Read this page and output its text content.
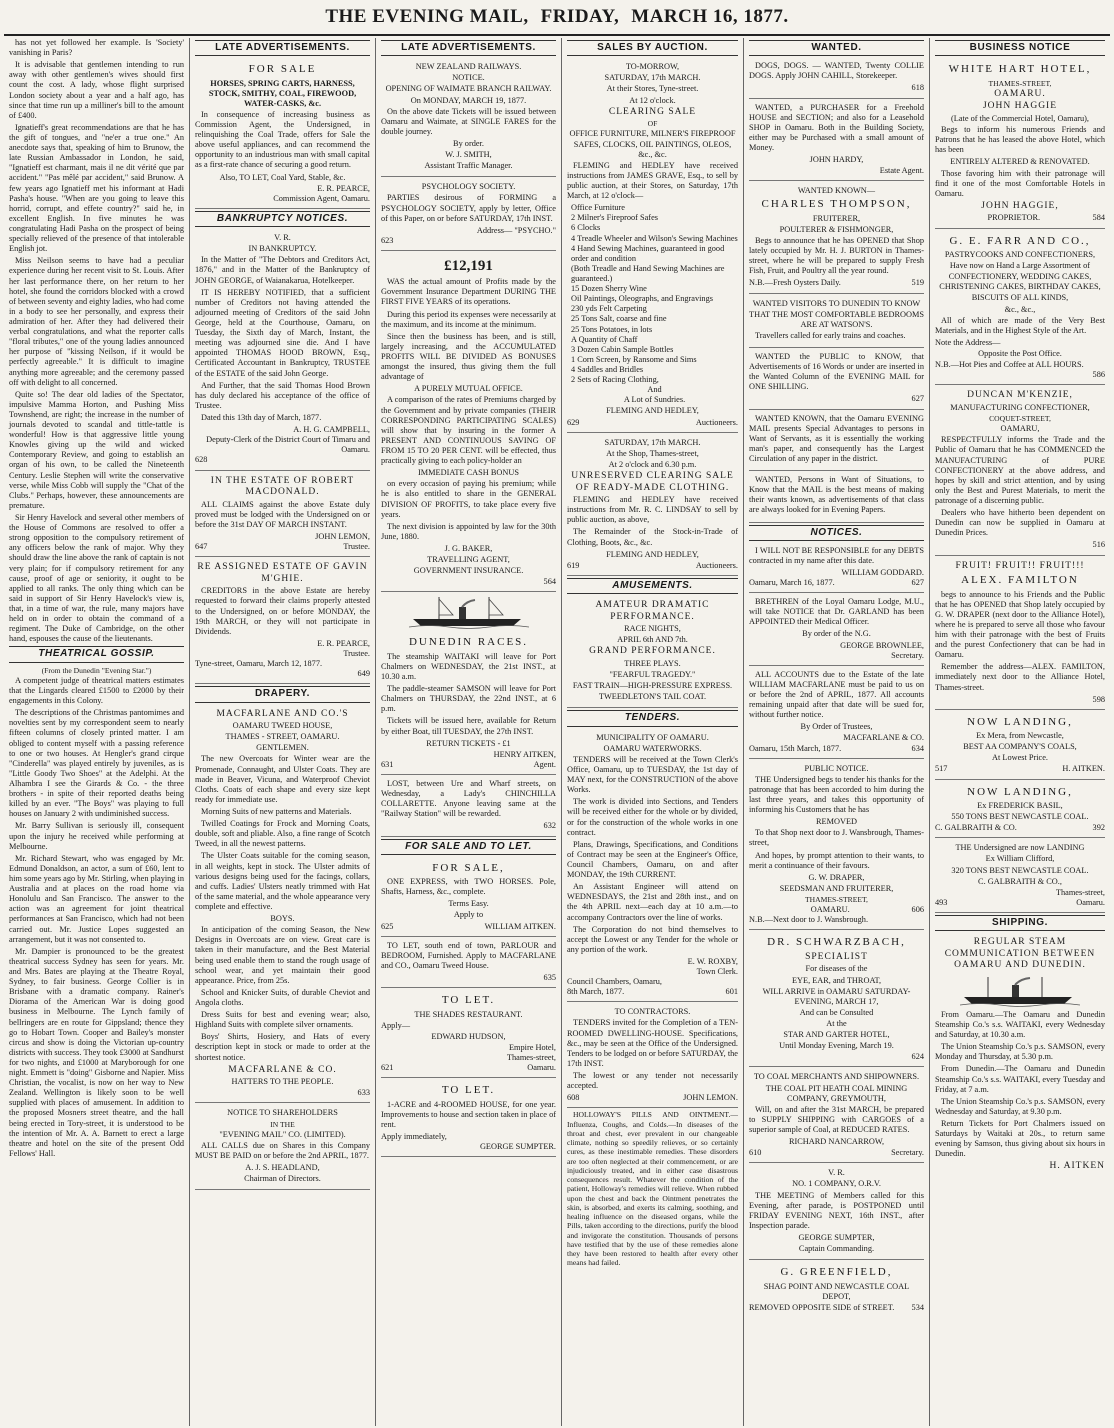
THE EVENING MAIL, FRIDAY, MARCH 16, 1877.

has not yet followed her example. Is 'Society' vanishing in Paris?

It is advisable that gentlemen intending to run away with other gentlemen's wives should first count the cost. A lady, whose flight surprised London society about a year and a half ago, has since that time run up a milliner's bill to the amount of £400.

Ignatieff's great recommendations are that he has the gift of tongues, and "ne'er a true one." An anecdote says that, speaking of him to Brunow, the late Russian Ambassador in London, he said, "Ignatieff est charmant, mais il ne dit vérité que par accident." "Pas mêlé par accident," said Brunow. A few years ago Ignatieff met his informant at Hadi Pasha's house. "When are you going to leave this horrid, corrupt, and effete country?" said he, in excellent English. In five minutes he was congratulating Hadi Pasha on the prospect of being specially relieved of the presence of that intolerable English jot.

Miss Neilson seems to have had a peculiar experience during her recent visit to St. Louis. After her last performance there, on her return to her hotel, she found the corridors blocked with a crowd of between seventy and eighty ladies, who had come in a body to see her personally, and express their admiration of her. After they had delivered their verbal congratulations, and what the reporter calls "floral tributes," one of the young ladies announced her purpose of "kissing Neilson, if it would be perfectly agreeable." It is difficult to imagine anything more agreeable; and the ceremony passed off with delight to all concerned.

Quite so! The dear old ladies of the Spectator, impulsive Mamma Horton, and Pushing Miss Townshend, are right; the increase in the number of journals devoted to scandal and tittle-tattle is wonderful! How is that aggressive little young Knowles giving up the wild and wicked Contemporary Review, and going to establish an organ of his own, to be called the Nineteenth Century. Leslie Stephen will write the conservative verse, while Miss Cobb will supply the "Chat of the Clubs." Perhaps, however, these announcements are premature.

Sir Henry Havelock and several other members of the House of Commons are resolved to offer a strong opposition to the compulsory retirement of any officers below the rank of major. Why they should draw the line above the rank of captain is not very plain; for if compulsory retirement for any cause, proof of age or seniority, it ought to be applied to all ranks. The only thing which can be said in support of Sir Henry Havelock's view is, that, in a time of war, the rule, many majors have held on in order to obtain the command of a regiment. The Duke of Cambridge, on the other hand, espouses the cause of the lieutenants.

THEATRICAL GOSSIP.
(From the Dunedin "Evening Star.")

A competent judge of theatrical matters estimates that the Lingards cleared £1500 to £2000 by their engagements in this Colony.

The descriptions of the Christmas pantomimes and novelties sent by my correspondent seem to nearly fifteen columns of closely printed matter. I am obliged to content myself with a passing reference to one or two houses. At Hengler's grand cirque "Cinderella" was played entirely by juveniles, as is "Little Goody Two Shoes" at the Adelphi. At the Alhambra I see the Girards & Co. - the three brothers - in spite of their reported deaths being killed by an ever. "The Boys" was playing to full houses on January 2 with undiminished success.

Mr. Barry Sullivan is seriously ill, consequent upon the injury he received while performing at Melbourne.

Mr. Richard Stewart, who was engaged by Mr. Edmund Donaldson, an actor, a sum of £60, lent to him some years ago by Mr. Stirling, when playing in Australia and at places on the road home via Honolulu and San Francisco. The answer to the action was an agreement for joint theatrical performances at San Francisco, which had not been carried out. Mr. Justice Lopes suggested an arrangement, but it was not consented to.

Mr. Dampier is pronounced to be the greatest theatrical success Sydney has seen for years. Mr. and Mrs. Bates are playing at the Theatre Royal, Sydney, to fair business. George Collier is in Brisbane with a dramatic company. Rainer's Diorama of the American War is doing good business in Melbourne. The Lynch family of bellringers are en route for Gippsland; thence they go to Hobart Town. Cooper and Bailey's monster circus and show is doing the Victorian up-country districts with success. They took £3000 at Sandhurst for two nights, and £1000 at Maryborough for one night. Emmett is "doing" Gisborne and Napier. Miss Christian, the vocalist, is now on her way to New Zealand. Wellington is likely soon to be well supplied with places of amusement. In addition to the proposed Mosners street theatre, and the hall being erected in Tory-street, it is understood to be the intention of Mr. A. A. Barnett to erect a large theatre and hotel on the site of the present Odd Fellows' Hall.

LATE ADVERTISEMENTS.
FOR SALE
HORSES, SPRING CARTS, HARNESS, STOCK, SMITHY, COAL, FIREWOOD, WATER-CASKS, &c.

In consequence of increasing business as Commission Agent, the Undersigned, in relinquishing the Coal Trade, offers for Sale the above useful appliances, and can recommend the opportunity to an industrious man with small capital as a first-rate chance of securing a good return.

Also, TO LET, Coal Yard, Stable, &c.
E. R. PEARCE,
Commission Agent, Oamaru.
BANKRUPTCY NOTICES.
V. R.
IN BANKRUPTCY.

In the Matter of "The Debtors and Creditors Act, 1876," and in the Matter of the Bankruptcy of JOHN GEORGE, of Waianakarua, Hotelkeeper.

IT IS HEREBY NOTIFIED, that a sufficient number of Creditors not having attended the adjourned meeting of Creditors of the said John George, held at the Courthouse, Oamaru, on Tuesday, the Sixth day of March, Instant, the meeting was adjourned sine die. And I have appointed THOMAS HOOD BROWN, Esq., Certificated Accountant in Bankruptcy, TRUSTEE of the ESTATE of the said John George.

And Further, that the said Thomas Hood Brown has duly declared his acceptance of the office of Trustee.

Dated this 13th day of March, 1877.

A. H. G. CAMPBELL,
Deputy-Clerk of the District Court of Timaru and Oamaru.
628
IN THE ESTATE OF ROBERT MACDONALD.

ALL CLAIMS against the above Estate duly proved must be lodged with the Undersigned on or before the 31st DAY OF MARCH INSTANT.

JOHN LEMON,
647	Trustee.
RE ASSIGNED ESTATE OF GAVIN M'GHIE.

CREDITORS in the above Estate are hereby requested to forward their claims properly attested to the Undersigned, on or before MONDAY, the 19th MARCH, or they will not participate in Dividends.

E. R. PEARCE,
Trustee.
Tyne-street, Oamaru, March 12, 1877.
649
DRAPERY.
MACFARLANE AND CO.'S
OAMARU TWEED HOUSE,
THAMES - STREET, OAMARU.
GENTLEMEN.

The new Overcoats for Winter wear are the Promenade, Connaught, and Ulster Coats. They are made in Beaver, Vicuna, and Waterproof Cheviot Cloths. Coats of each shape and every size kept ready for immediate use.

Morning Suits of new patterns and Materials.

Twilled Coatings for Frock and Morning Coats, double, soft and pliable. Also, a fine range of Scotch Tweed, in all the newest patterns.

The Ulster Coats suitable for the coming season, in all weights, kept in stock. The Ulster admits of various designs being used for the facings, collars, and cuffs. Ladies' Ulsters neatly trimmed with Hat of the same material, and the whole appearance very complete and effective.

BOYS.

In anticipation of the coming Season, the New Designs in Overcoats are on view. Great care is taken in their manufacture, and the Best Material being used enable them to stand the rough usage of school wear, and yet maintain their good appearance. Price, from 25s.

School and Knicker Suits, of durable Cheviot and Angola cloths.

Dress Suits for best and evening wear; also, Highland Suits with complete silver ornaments.

Boys' Shirts, Hosiery, and Hats of every description kept in stock or made to order at the shortest notice.

MACFARLANE & CO.
HATTERS TO THE PEOPLE.
633
NOTICE TO SHAREHOLDERS
IN THE
"EVENING MAIL" CO. (LIMITED).

ALL CALLS due on Shares in this Company MUST BE PAID on or before the 2nd APRIL, 1877.

A. J. S. HEADLAND,
Chairman of Directors.
LATE ADVERTISEMENTS.
NEW ZEALAND RAILWAYS.
NOTICE.
OPENING OF WAIMATE BRANCH RAILWAY.
On MONDAY, MARCH 19, 1877.

On the above date Tickets will be issued between Oamaru and Waimate, at SINGLE FARES for the double journey.

By order.
W. J. SMITH,
Assistant Traffic Manager.
PSYCHOLOGY SOCIETY.

PARTIES desirous of FORMING a PSYCHOLOGY SOCIETY, apply by letter, Office of this Paper, on or before SATURDAY, 17th INST.

Address— "PSYCHO."
623
£12,191

WAS the actual amount of Profits made by the Government Insurance Department DURING THE FIRST FIVE YEARS of its operations.

During this period its expenses were necessarily at the maximum, and its income at the minimum.

Since then the business has been, and is still, largely increasing, and the ACCUMULATED PROFITS WILL BE DIVIDED AS BONUSES amongst the insured, thus giving them the full advantage of

A PURELY MUTUAL OFFICE.

A comparison of the rates of Premiums charged by the Government and by private companies (THEIR CORRESPONDING PARTICIPATING SCALES) will show that by insuring in the former A PRESENT AND CONTINUOUS SAVING OF FROM 15 TO 20 PER CENT. will be effected, thus practically giving to each policy-holder an

IMMEDIATE CASH BONUS

on every occasion of paying his premium; while he is also entitled to share in the GENERAL DIVISION OF PROFITS, to take place every five years.

The next division is appointed by law for the 30th June, 1880.

J. G. BAKER,
TRAVELLING AGENT,
GOVERNMENT INSURANCE.
564
DUNEDIN RACES.

The steamship WAITAKI will leave for Port Chalmers on WEDNESDAY, the 21st INST., at 10.30 a.m.

The paddle-steamer SAMSON will leave for Port Chalmers on THURSDAY, the 22nd INST., at 6 p.m.

Tickets will be issued here, available for Return by either Boat, till TUESDAY, the 27th INST.

RETURN TICKETS - £1
HENRY AITKEN,
631	Agent.

LOST, between Ure and Wharf streets, on Wednesday, a Lady's CHINCHILLA COLLARETTE. Anyone leaving same at the "Railway Station" will be rewarded.

632
FOR SALE AND TO LET.
FOR SALE,

ONE EXPRESS, with TWO HORSES. Pole, Shafts, Harness, &c., complete.

Terms Easy.
Apply to
625	WILLIAM AITKEN.

TO LET, south end of town, PARLOUR and BEDROOM, Furnished. Apply to MACFARLANE and CO., Oamaru Tweed House.

635
TO LET.
THE SHADES RESTAURANT.
Apply—
EDWARD HUDSON,
Empire Hotel,
Thames-street,
621	Oamaru.
TO LET.

1-ACRE and 4-ROOMED HOUSE, for one year. Improvements to house and section taken in place of rent.

Apply immediately,
GEORGE SUMPTER.
SALES BY AUCTION.
TO-MORROW,
SATURDAY, 17th MARCH.
At their Stores, Tyne-street.
At 12 o'clock.
CLEARING SALE
OF
OFFICE FURNITURE, MILNER'S FIREPROOF SAFES, CLOCKS, OIL PAINTINGS, OLEOS, &c., &c.

FLEMING and HEDLEY have received instructions from JAMES GRAVE, Esq., to sell by public auction, at their Stores, on Saturday, 17th March, at 12 o'clock—

Office Furniture
2 Milner's Fireproof Safes
6 Clocks
4 Treadle Wheeler and Wilson's Sewing Machines
4 Hand Sewing Machines, guaranteed in good order and condition
(Both Treadle and Hand Sewing Machines are guaranteed.)
15 Dozen Sherry Wine
Oil Paintings, Oleographs, and Engravings
230 yds Felt Carpeting
25 Tons Salt, coarse and fine
25 Tons Potatoes, in lots
A Quantity of Chaff
3 Dozen Cabin Sample Bottles
1 Corn Screen, by Ransome and Sims
4 Saddles and Bridles
2 Sets of Racing Clothing,
And
A Lot of Sundries.
FLEMING AND HEDLEY,
629	Auctioneers.
SATURDAY, 17th MARCH.
At the Shop, Thames-street,
At 2 o'clock and 6.30 p.m.
UNRESERVED CLEARING SALE OF READY-MADE CLOTHING.

FLEMING and HEDLEY have received instructions from Mr. R. C. LINDSAY to sell by public auction, as above,

The Remainder of the Stock-in-Trade of Clothing, Boots, &c., &c.

FLEMING AND HEDLEY,
619	Auctioneers.
AMUSEMENTS.
AMATEUR DRAMATIC PERFORMANCE.
RACE NIGHTS,
APRIL 6th AND 7th.
GRAND PERFORMANCE.
THREE PLAYS.
"FEARFUL TRAGEDY."
FAST TRAIN—HIGH-PRESSURE EXPRESS.
TWEEDLETON'S TAIL COAT.
TENDERS.
MUNICIPALITY OF OAMARU.
OAMARU WATERWORKS.

TENDERS will be received at the Town Clerk's Office, Oamaru, up to TUESDAY, the 1st day of MAY next, for the CONSTRUCTION of the above Works.

The work is divided into Sections, and Tenders will be received either for the whole or by divided, or for the construction of the whole works in one contract.

Plans, Drawings, Specifications, and Conditions of Contract may be seen at the Engineer's Office, Council Chambers, Oamaru, on and after MONDAY, the 19th CURRENT.

An Assistant Engineer will attend on WEDNESDAYS, the 21st and 28th inst., and on the 4th APRIL next—each day at 10 a.m.—to accompany Contractors over the line of works.

The Corporation do not bind themselves to accept the Lowest or any Tender for the whole or any portion of the work.

E. W. ROXBY,
Town Clerk.
Council Chambers, Oamaru,
8th March, 1877.	601
TO CONTRACTORS.

TENDERS invited for the Completion of a TEN-ROOMED DWELLING-HOUSE. Specifications, &c., may be seen at the Office of the Undersigned. Tenders to be lodged on or before SATURDAY, the 17th INST.

The lowest or any tender not necessarily accepted.

608	JOHN LEMON.

HOLLOWAY'S PILLS AND OINTMENT.—Influenza, Coughs, and Colds.—In diseases of the throat and chest, ever prevalent in our changeable climate, nothing so speedily relieves, or so certainly cures, as these inestimable remedies. These disorders are too often neglected at their commencement, or are injudiciously treated, and in either case disastrous consequences result. Whatever the condition of the patient, Holloway's remedies will relieve. When rubbed upon the chest and back the Ointment penetrates the skin, is absorbed, and exerts its calming, soothing, and healing influence on the diseased organs, while the Pills, taken according to the directions, purify the blood and invigorate the constitution. Thousands of persons have testified that by the use of these remedies alone they have been restored to health after every other means had failed.

WANTED.

DOGS, DOGS. — WANTED, Twenty COLLIE DOGS. Apply JOHN CAHILL, Storekeeper.

618

WANTED, a PURCHASER for a Freehold HOUSE and SECTION; and also for a Leasehold SHOP in Oamaru. Both in the Building Society, either may be Purchased with a small amount of Money.

JOHN HARDY,
Estate Agent.
WANTED KNOWN—
CHARLES THOMPSON,
FRUITERER,
POULTERER & FISHMONGER,

Begs to announce that he has OPENED that Shop lately occupied by Mr. H. J. BURTON in Thames-street, where he will be prepared to supply Fresh Fish, Fruit, and Poultry all the year round.

N.B.—Fresh Oysters Daily.	519
WANTED VISITORS TO DUNEDIN TO KNOW
THAT THE MOST COMFORTABLE BEDROOMS ARE AT WATSON'S.

Travellers called for early trains and coaches.

WANTED the PUBLIC to KNOW, that Advertisements of 16 Words or under are inserted in the Wanted Column of the EVENING MAIL for ONE SHILLING.

627

WANTED KNOWN, that the Oamaru EVENING MAIL presents Special Advantages to persons in Want of Servants, as it is essentially the working man's paper, and consequently has the Largest Circulation of any paper in the district.

WANTED, Persons in Want of Situations, to Know that the MAIL is the best means of making their wants known, as advertisements of that class are always looked for in Evening Papers.

NOTICES.

I WILL NOT BE RESPONSIBLE for any DEBTS contracted in my name after this date.

WILLIAM GODDARD.
Oamaru, March 16, 1877.	627

BRETHREN of the Loyal Oamaru Lodge, M.U., will take NOTICE that Dr. GARLAND has been APPOINTED their Medical Officer.

By order of the N.G.
GEORGE BROWNLEE,
Secretary.

ALL ACCOUNTS due to the Estate of the late WILLIAM MACFARLANE must be paid to us on or before the 2nd of APRIL, 1877. All accounts remaining unpaid after that date will be sued for, without further notice.

By Order of Trustees,
MACFARLANE & CO.
Oamaru, 15th March, 1877.	634
PUBLIC NOTICE.

THE Undersigned begs to tender his thanks for the patronage that has been accorded to him during the last three years, and takes this opportunity of informing his Customers that he has

REMOVED

To that Shop next door to J. Wansbrough, Thames-street,

And hopes, by prompt attention to their wants, to merit a continuance of their favours.

G. W. DRAPER,
SEEDSMAN AND FRUITERER,
THAMES-STREET,
OAMARU.	606
N.B.—Next door to J. Wansbrough.
DR. SCHWARZBACH,
SPECIALIST
For diseases of the
EYE, EAR, and THROAT,
WILL ARRIVE in OAMARU SATURDAY-EVENING, MARCH 17,
And can be Consulted
At the
STAR AND GARTER HOTEL,
Until Monday Evening, March 19.
624
TO COAL MERCHANTS AND SHIPOWNERS.
THE COAL PIT HEATH COAL MINING COMPANY, GREYMOUTH,

Will, on and after the 31st MARCH, be prepared to SUPPLY SHIPPING with CARGOES of a superior sample of Coal, at REDUCED RATES.

RICHARD NANCARROW,
610	Secretary.
V. R.
NO. 1 COMPANY, O.R.V.

THE MEETING of Members called for this Evening, after parade, is POSTPONED until FRIDAY EVENING NEXT, 16th INST., after Inspection parade.

GEORGE SUMPTER,
Captain Commanding.
G. GREENFIELD,
SHAG POINT AND NEWCASTLE COAL DEPOT,
REMOVED OPPOSITE SIDE of STREET. 534
BUSINESS NOTICE
WHITE HART HOTEL,
THAMES-STREET,
OAMARU.
JOHN HAGGIE
(Late of the Commercial Hotel, Oamaru),

Begs to inform his numerous Friends and Patrons that he has leased the above Hotel, which has been

ENTIRELY ALTERED & RENOVATED.

Those favoring him with their patronage will find it one of the most Comfortable Hotels in Oamaru.

JOHN HAGGIE,
PROPRIETOR.	584
G. E. FARR AND CO.,
PASTRYCOOKS AND CONFECTIONERS,
Have now on Hand a Large Assortment of
CONFECTIONERY, WEDDING CAKES, CHRISTENING CAKES, BIRTHDAY CAKES,
BISCUITS OF ALL KINDS,
&c., &c.,

All of which are made of the Very Best Materials, and in the Highest Style of the Art.

Note the Address—
Opposite the Post Office.
N.B.—Hot Pies and Coffee at ALL HOURS.
586
DUNCAN M'KENZIE,
MANUFACTURING CONFECTIONER,
COQUET-STREET,
OAMARU,

RESPECTFULLY informs the Trade and the Public of Oamaru that he has COMMENCED the MANUFACTURING of PURE CONFECTIONERY at the above address, and hopes by skill and strict attention, and by using only the Best and Purest Materials, to merit the patronage of a discerning public.

Dealers who have hitherto been dependent on Dunedin can now be supplied in Oamaru at Dunedin Prices.

516
FRUIT! FRUIT!! FRUIT!!!
ALEX. FAMILTON

begs to announce to his Friends and the Public that he has OPENED that Shop lately occupied by G. W. DRAPER (next door to the Alliance Hotel), where he is prepared to serve all those who favour him with their patronage with the best of Fruits and the purest Confectionery that can be had in Oamaru.

Remember the address—ALEX. FAMILTON, immediately next door to the Alliance Hotel, Thames-street.

598
NOW LANDING,
Ex Mera, from Newcastle,
BEST AA COMPANY'S COALS,
At Lowest Price.
517	H. AITKEN.
NOW LANDING,
Ex FREDERICK BASIL,
550 TONS BEST NEWCASTLE COAL.
C. GALBRAITH & CO.	392
THE Undersigned are now LANDING
Ex William Clifford,
320 TONS BEST NEWCASTLE COAL.
C. GALBRAITH & CO.,
Thames-street,
493	Oamaru.
SHIPPING.
REGULAR STEAM COMMUNICATION BETWEEN OAMARU AND DUNEDIN.

From Oamaru.—The Oamaru and Dunedin Steamship Co.'s s.s. WAITAKI, every Wednesday and Saturday, at 10.30 a.m.

The Union Steamship Co.'s p.s. SAMSON, every Monday and Thursday, at 5.30 p.m.

From Dunedin.—The Oamaru and Dunedin Steamship Co.'s s.s. WAITAKI, every Tuesday and Friday, at 7 a.m.

The Union Steamship Co.'s p.s. SAMSON, every Wednesday and Saturday, at 9.30 p.m.

Return Tickets for Port Chalmers issued on Saturdays by Waitaki at 20s., to return same evening by Samson, thus giving about six hours in Dunedin.

H. AITKEN
